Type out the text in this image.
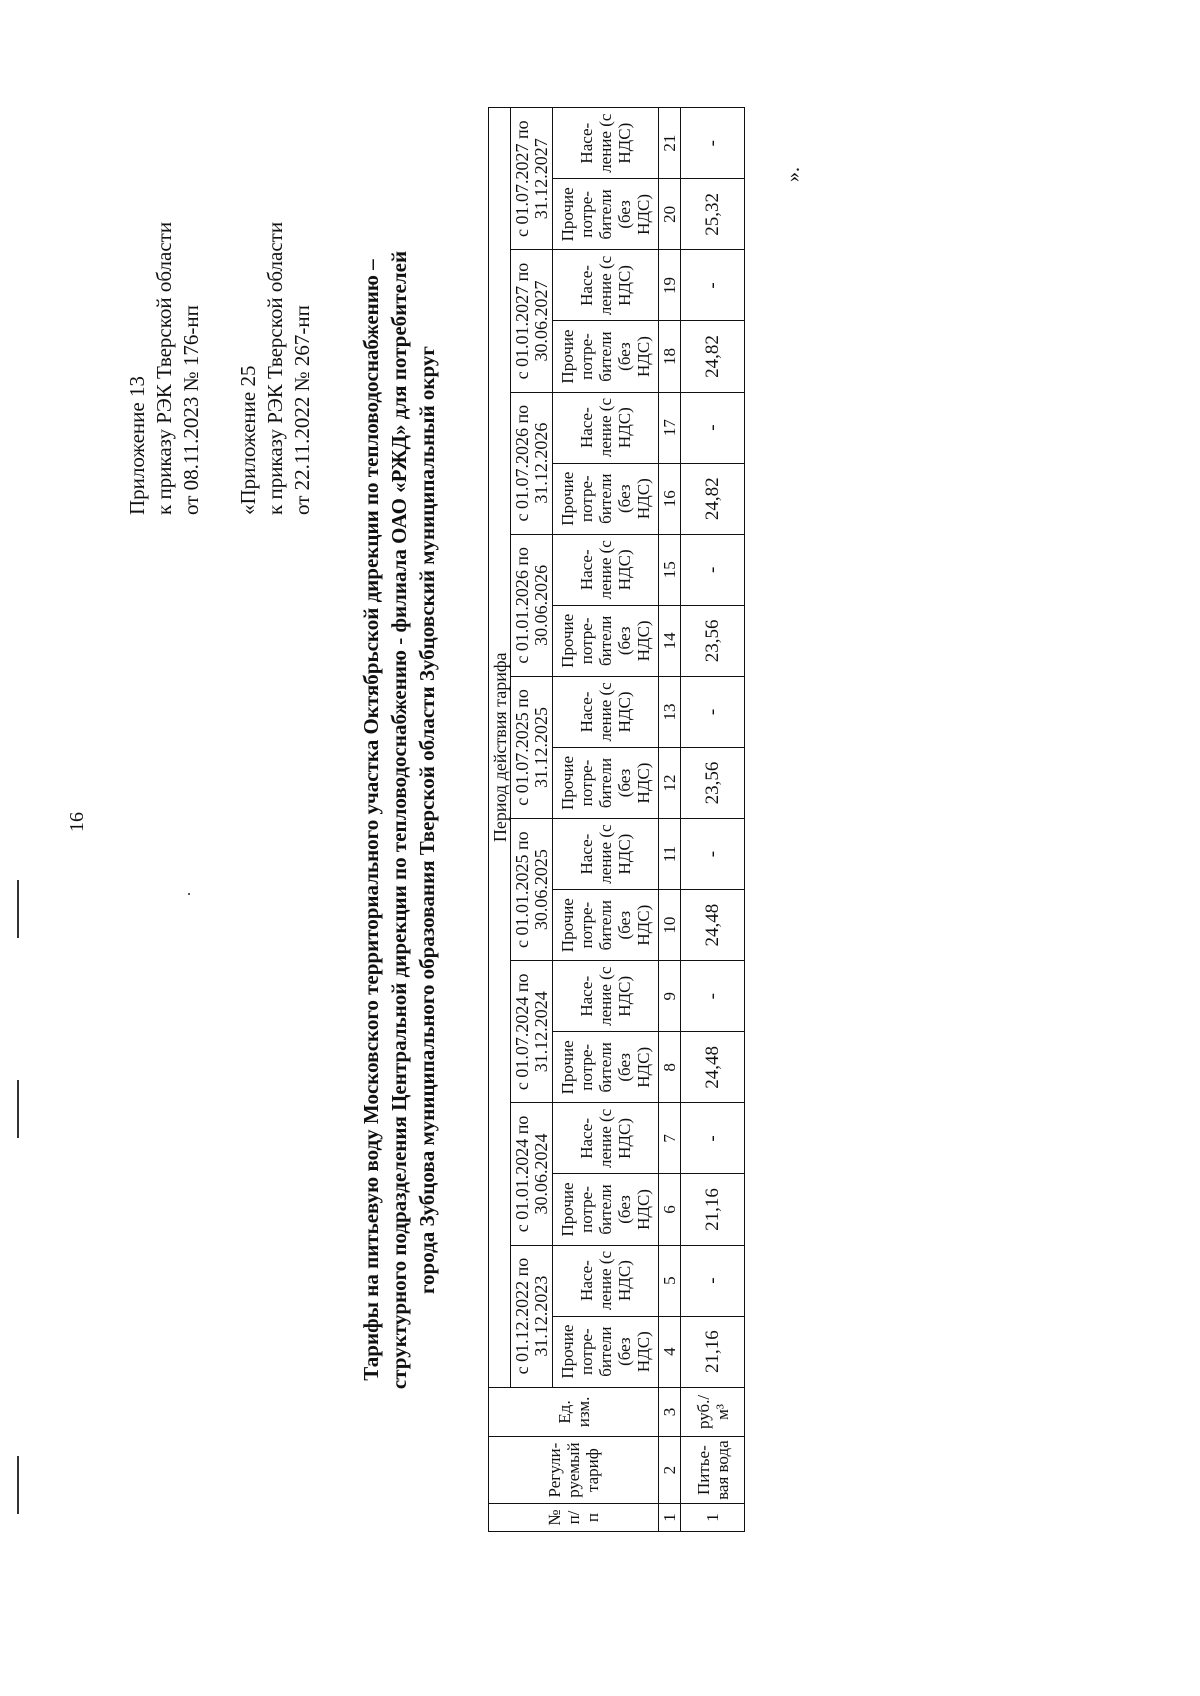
16
Приложение 13 к приказу РЭК Тверской области от 08.11.2023 № 176-нп «Приложение 25 к приказу РЭК Тверской области от 22.11.2022 № 267-нп Тарифы на питьевую воду Московского территориального участка Октябрьской дирекции по тепловодоснабжению – структурного подразделения Центральной дирекции по тепловодоснабжению - филиала ОАО «РЖД» для потребителей города Зубцова муниципального образования Тверской области Зубцовский муниципальный округ
№ п/ п	Регули-руемый тариф	Ед. изм.	Период действия тарифа																	
			с 01.12.2022 по 31.12.2023		с 01.01.2024 по 30.06.2024		с 01.07.2024 по 31.12.2024		с 01.01.2025 по 30.06.2025		с 01.07.2025 по 31.12.2025		с 01.01.2026 по 30.06.2026		с 01.07.2026 по 31.12.2026		с 01.01.2027 по 30.06.2027		с 01.07.2027 по 31.12.2027	
			Прочие потре-бители (без НДС)	Насе-ление (с НДС)	Прочие потре-бители (без НДС)	Насе-ление (с НДС)	Прочие потре-бители (без НДС)	Насе-ление (с НДС)	Прочие потре-бители (без НДС)	Насе-ление (с НДС)	Прочие потре-бители (без НДС)	Насе-ление (с НДС)	Прочие потре-бители (без НДС)	Насе-ление (с НДС)	Прочие потре-бители (без НДС)	Насе-ление (с НДС)	Прочие потре-бители (без НДС)	Насе-ление (с НДС)	Прочие потре-бители (без НДС)	Насе-ление (с НДС)
1	2	3	4	5	6	7	8	9	10	11	12	13	14	15	16	17	18	19	20	21
1	Питье-вая вода	руб./м³	21,16	-	21,16	-	24,48	-	24,48	-	23,56	-	23,56	-	24,82	-	24,82	-	25,32	-
».
